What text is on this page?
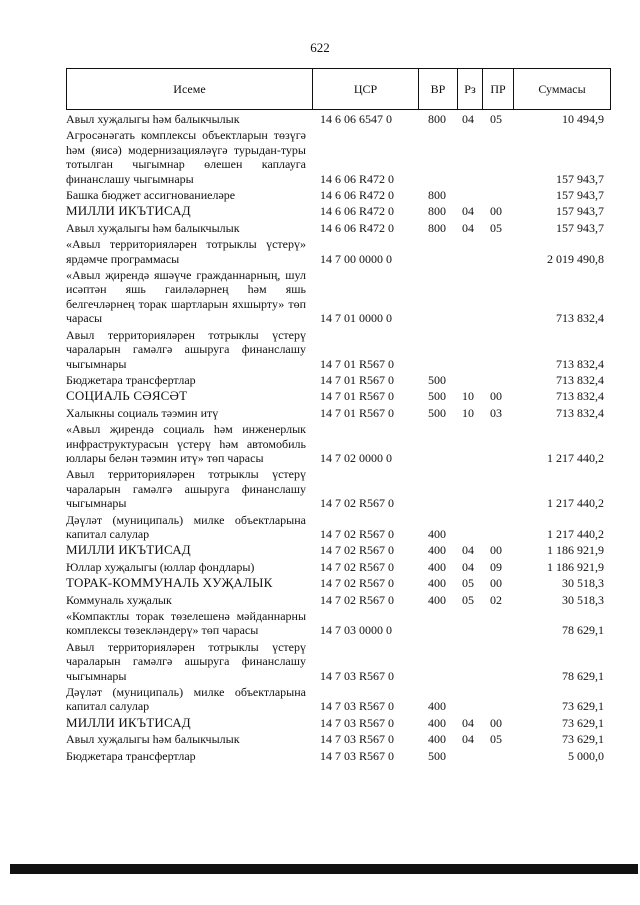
622
Исеме	ЦСР	ВР	Рз	ПР	Суммасы
Авыл хуҗалыгы һәм балыкчылык	14 6 06 6547 0	800	04	05	10 494,9
Агросәнәгать комплексы объектларын төзүгә һәм (яисә) модернизацияләүгә турыдан-туры тотылган чыгымнар өлешен каплауга финанслашу чыгымнары	14 6 06 R472 0	157 943,7
Башка бюджет ассигнованиеләре	14 6 06 R472 0	800	157 943,7
МИЛЛИ ИКЪТИСАД	14 6 06 R472 0	800	04	00	157 943,7
Авыл хуҗалыгы һәм балыкчылык	14 6 06 R472 0	800	04	05	157 943,7
«Авыл территорияләрен тотрыклы үстерү» ярдәмче программасы	14 7 00 0000 0	2 019 490,8
«Авыл җирендә яшәүче гражданнарның, шул исәптән яшь гаиләләрнең һәм яшь белгечләрнең торак шартларын яхшырту» төп чарасы	14 7 01 0000 0	713 832,4
Авыл территорияләрен тотрыклы үстерү чараларын гамәлгә ашыруга финанслашу чыгымнары	14 7 01 R567 0	713 832,4
Бюджетара трансфертлар	14 7 01 R567 0	500	713 832,4
СОЦИАЛЬ СӘЯСӘТ	14 7 01 R567 0	500	10	00	713 832,4
Халыкны социаль тәэмин итү	14 7 01 R567 0	500	10	03	713 832,4
«Авыл җирендә социаль һәм инженерлык инфраструктурасын үстерү һәм автомобиль юллары белән тәэмин итү» төп чарасы	14 7 02 0000 0	1 217 440,2
Авыл территорияләрен тотрыклы үстерү чараларын гамәлгә ашыруга финанслашу чыгымнары	14 7 02 R567 0	1 217 440,2
Дәүләт (муниципаль) милке объектларына капитал салулар	14 7 02 R567 0	400	1 217 440,2
МИЛЛИ ИКЪТИСАД	14 7 02 R567 0	400	04	00	1 186 921,9
Юллар хуҗалыгы (юллар фондлары)	14 7 02 R567 0	400	04	09	1 186 921,9
ТОРАК-КОММУНАЛЬ ХУҖАЛЫК	14 7 02 R567 0	400	05	00	30 518,3
Коммуналь хуҗалык	14 7 02 R567 0	400	05	02	30 518,3
«Компактлы торак төзелешенә мәйданнарны комплексы төзекләндерү» төп чарасы	14 7 03 0000 0	78 629,1
Авыл территорияләрен тотрыклы үстерү чараларын гамәлгә ашыруга финанслашу чыгымнары	14 7 03 R567 0	78 629,1
Дәүләт (муниципаль) милке объектларына капитал салулар	14 7 03 R567 0	400	73 629,1
МИЛЛИ ИКЪТИСАД	14 7 03 R567 0	400	04	00	73 629,1
Авыл хуҗалыгы һәм балыкчылык	14 7 03 R567 0	400	04	05	73 629,1
Бюджетара трансфертлар	14 7 03 R567 0	500	5 000,0
